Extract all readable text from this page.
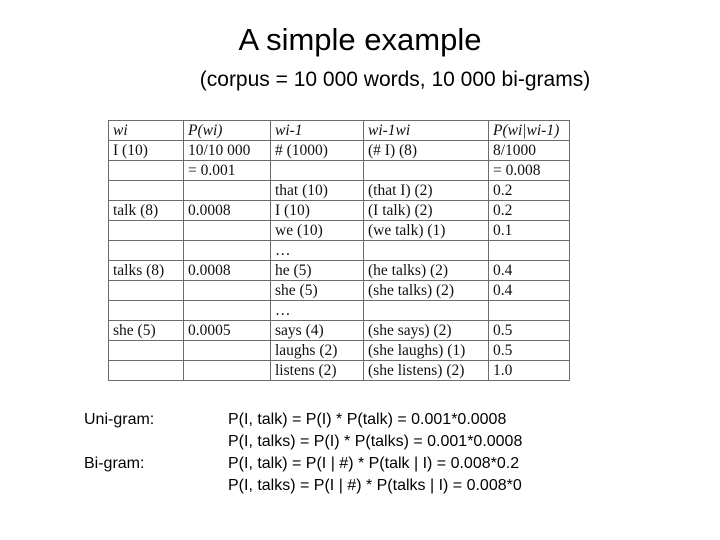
A simple example
(corpus = 10 000 words, 10 000 bi-grams)
wi	P(wi)	wi-1	wi-1wi	P(wi|wi-1)
I (10)	10/10 000	# (1000)	(# I) (8)	8/1000
	= 0.001			= 0.008
		that (10)	(that I) (2)	0.2
talk (8)	0.0008	I (10)	(I talk) (2)	0.2
		we (10)	(we talk) (1)	0.1
		…		
talks (8)	0.0008	he (5)	(he talks) (2)	0.4
		she (5)	(she talks) (2)	0.4
		…		
she (5)	0.0005	says (4)	(she says) (2)	0.5
		laughs (2)	(she laughs) (1)	0.5
		listens (2)	(she listens) (2)	1.0
Uni-gram:
Bi-gram:
P(I, talk) = P(I) * P(talk) = 0.001*0.0008
P(I, talks) = P(I) * P(talks) = 0.001*0.0008
P(I, talk) = P(I | #) * P(talk | I) = 0.008*0.2
P(I, talks) = P(I | #) * P(talks | I) = 0.008*0
